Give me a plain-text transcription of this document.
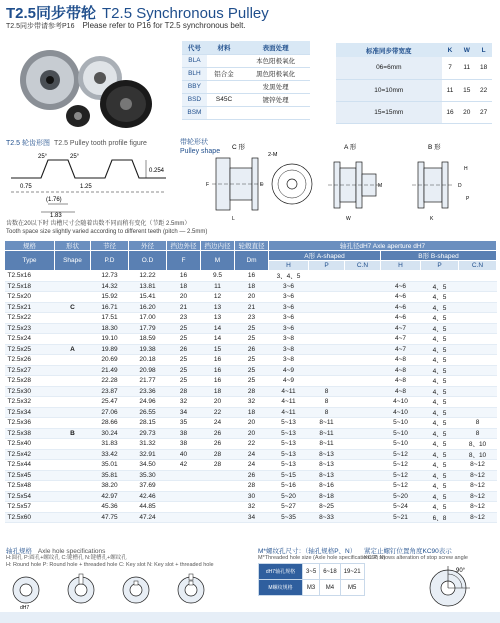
T2.5同步带轮 T2.5 Synchronous Pulley
T2.5同步带请参考P16 Please refer to P16 for T2.5 synchronous belt.
代号	材料	表面处理
BLA		本色阳极氧化
BLH	铝合金	黑色阳极氧化
BBY		发黑处理
BSD	S45C	镀锌处理
BSM		
标准同步带宽度	K	W	L
06=6mm	7	11	18
10=10mm	11	15	22
15=15mm	16	20	27
T2.5 轮齿形图 T2.5 Pulley tooth profile figure
25°	25°
0.75
0.254
(1.76)
1.25
1.83
带轮形状
Pulley shape
C 形
2-M
F
L
E
A 形
W
M
B 形
K
D
H
P
齿数在20以下时 齿槽尺寸会随着齿数不同而稍有变化（节距 2.5mm）
Tooth space size slightly varied according to different teeth (pitch — 2.5mm)
规格	形状	节径	外径	挡边外径	挡边内径	轮毂直径	轴孔径dH7 Axle aperture dH7					
Type	Shape	P.D	O.D	F	M	Dm	A形 A-shaped			B形 B-shaped		
							H	P	C.N	H	P	C.N
T2.5x16		12.73	12.22	16	9.5	16	3、4、5					
T2.5x18		14.32	13.81	18	11	18	3~6			4~6	4、5	
T2.5x20		15.92	15.41	20	12	20	3~6			4~6	4、5	
T2.5x21	C	16.71	16.20	21	13	21	3~6			4~6	4、5	
T2.5x22		17.51	17.00	23	13	23	3~6			4~6	4、5	
T2.5x23		18.30	17.79	25	14	25	3~6			4~7	4、5	
T2.5x24		19.10	18.59	25	14	25	3~8			4~7	4、5	
T2.5x25	A	19.89	19.38	26	15	26	3~8			4~7	4、5	
T2.5x26		20.69	20.18	25	16	25	3~8			4~8	4、5	
T2.5x27		21.49	20.98	25	16	25	4~9			4~8	4、5	
T2.5x28		22.28	21.77	25	16	25	4~9			4~8	4、5	
T2.5x30		23.87	23.36	28	18	28	4~11	8		4~8	4、5	
T2.5x32		25.47	24.96	32	20	32	4~11	8		4~10	4、5	
T2.5x34		27.06	26.55	34	22	18	4~11	8		4~10	4、5	
T2.5x36		28.66	28.15	35	24	20	5~13	8~11		5~10	4、5	8
T2.5x38	B	30.24	29.73	38	26	20	5~13	8~11		5~10	4、5	8
T2.5x40		31.83	31.32	38	26	22	5~13	8~11		5~10	4、5	8、10
T2.5x42		33.42	32.91	40	28	24	5~13	8~13		5~12	4、5	8、10
T2.5x44		35.01	34.50	42	28	24	5~13	8~13		5~12	4、5	8~12
T2.5x45		35.81	35.30			26	5~15	8~13		5~12	4、5	8~12
T2.5x48		38.20	37.69			28	5~16	8~16		5~12	4、5	8~12
T2.5x54		42.97	42.46			30	5~20	8~18		5~20	4、5	8~12
T2.5x57		45.36	44.85			32	5~27	8~25		5~24	4、5	8~12
T2.5x60		47.75	47.24			34	5~35	8~33		5~21	6、8	8~12
轴孔规格 Axle hole specifications
H:圆孔 P:圆孔+螺纹孔 C:键槽孔 N:键槽孔+螺纹孔
H: Round hole P: Round hole + threaded hole C: Key slot N: Key slot + threaded hole
dH7
M*螺纹孔尺寸：（轴孔规格P、N）
M*Threaded hole size (Axle hole specifications P, N)
dH7轴孔规格	3~5	6~18	19~21
M螺纹规格	M3	M4	M5
紧定止螺钉位置角度KC90表示
KC90 shows alteration of stop screw angle
90°
